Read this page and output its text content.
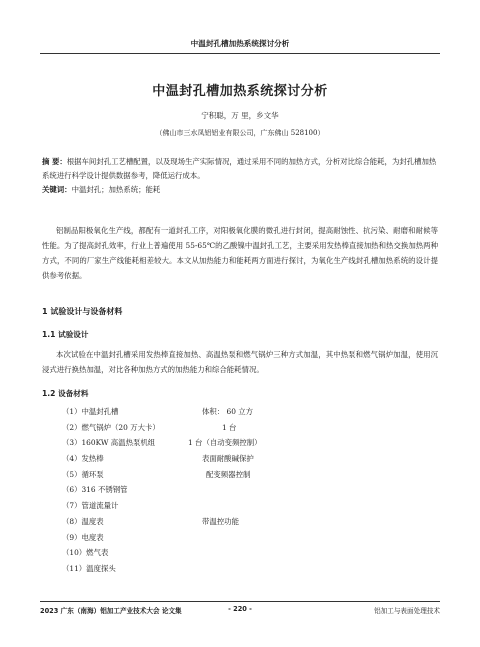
中温封孔槽加热系统探讨分析
中温封孔槽加热系统探讨分析
宁积聪，万 里，乡文华
（佛山市三水凤铝铝业有限公司，广东佛山 528100）
摘 要：根据车间封孔工艺槽配置，以及现场生产实际情况，通过采用不同的加热方式，分析对比综合能耗，为封孔槽加热系统进行科学设计提供数据参考，降低运行成本。
关键词：中温封孔；加热系统；能耗
铝制品阳极氧化生产线，都配有一道封孔工序，对阳极氧化膜的微孔进行封闭，提高耐蚀性、抗污染、耐磨和耐候等性能。为了提高封孔效率，行业上普遍使用 55-65℃的乙酸镍中温封孔工艺，主要采用发热棒直接加热和热交换加热两种方式，不同的厂家生产线能耗相差较大。本文从加热能力和能耗两方面进行探讨，为氧化生产线封孔槽加热系统的设计提供参考依据。
1 试验设计与设备材料
1.1 试验设计
本次试验在中温封孔槽采用发热棒直接加热、高温热泵和燃气锅炉三种方式加温，其中热泵和燃气锅炉加温，使用沉浸式进行换热加温，对比各种加热方式的加热能力和综合能耗情况。
1.2 设备材料
（1）中温封孔槽	体积： 60 立方
（2）燃气锅炉（20 万大卡）	1 台
（3）160KW 高温热泵机组	1 台（自动变频控制）
（4）发热棒	表面耐酸碱保护
（5）循环泵	配变频器控制
（6）316 不锈钢管
（7）管道流量计
（8）温度表	带温控功能
（9）电度表
（10）燃气表
（11）温度探头
2023 广东（南海）铝加工产业技术大会 论文集	- 220 -	铝加工与表面处理技术
